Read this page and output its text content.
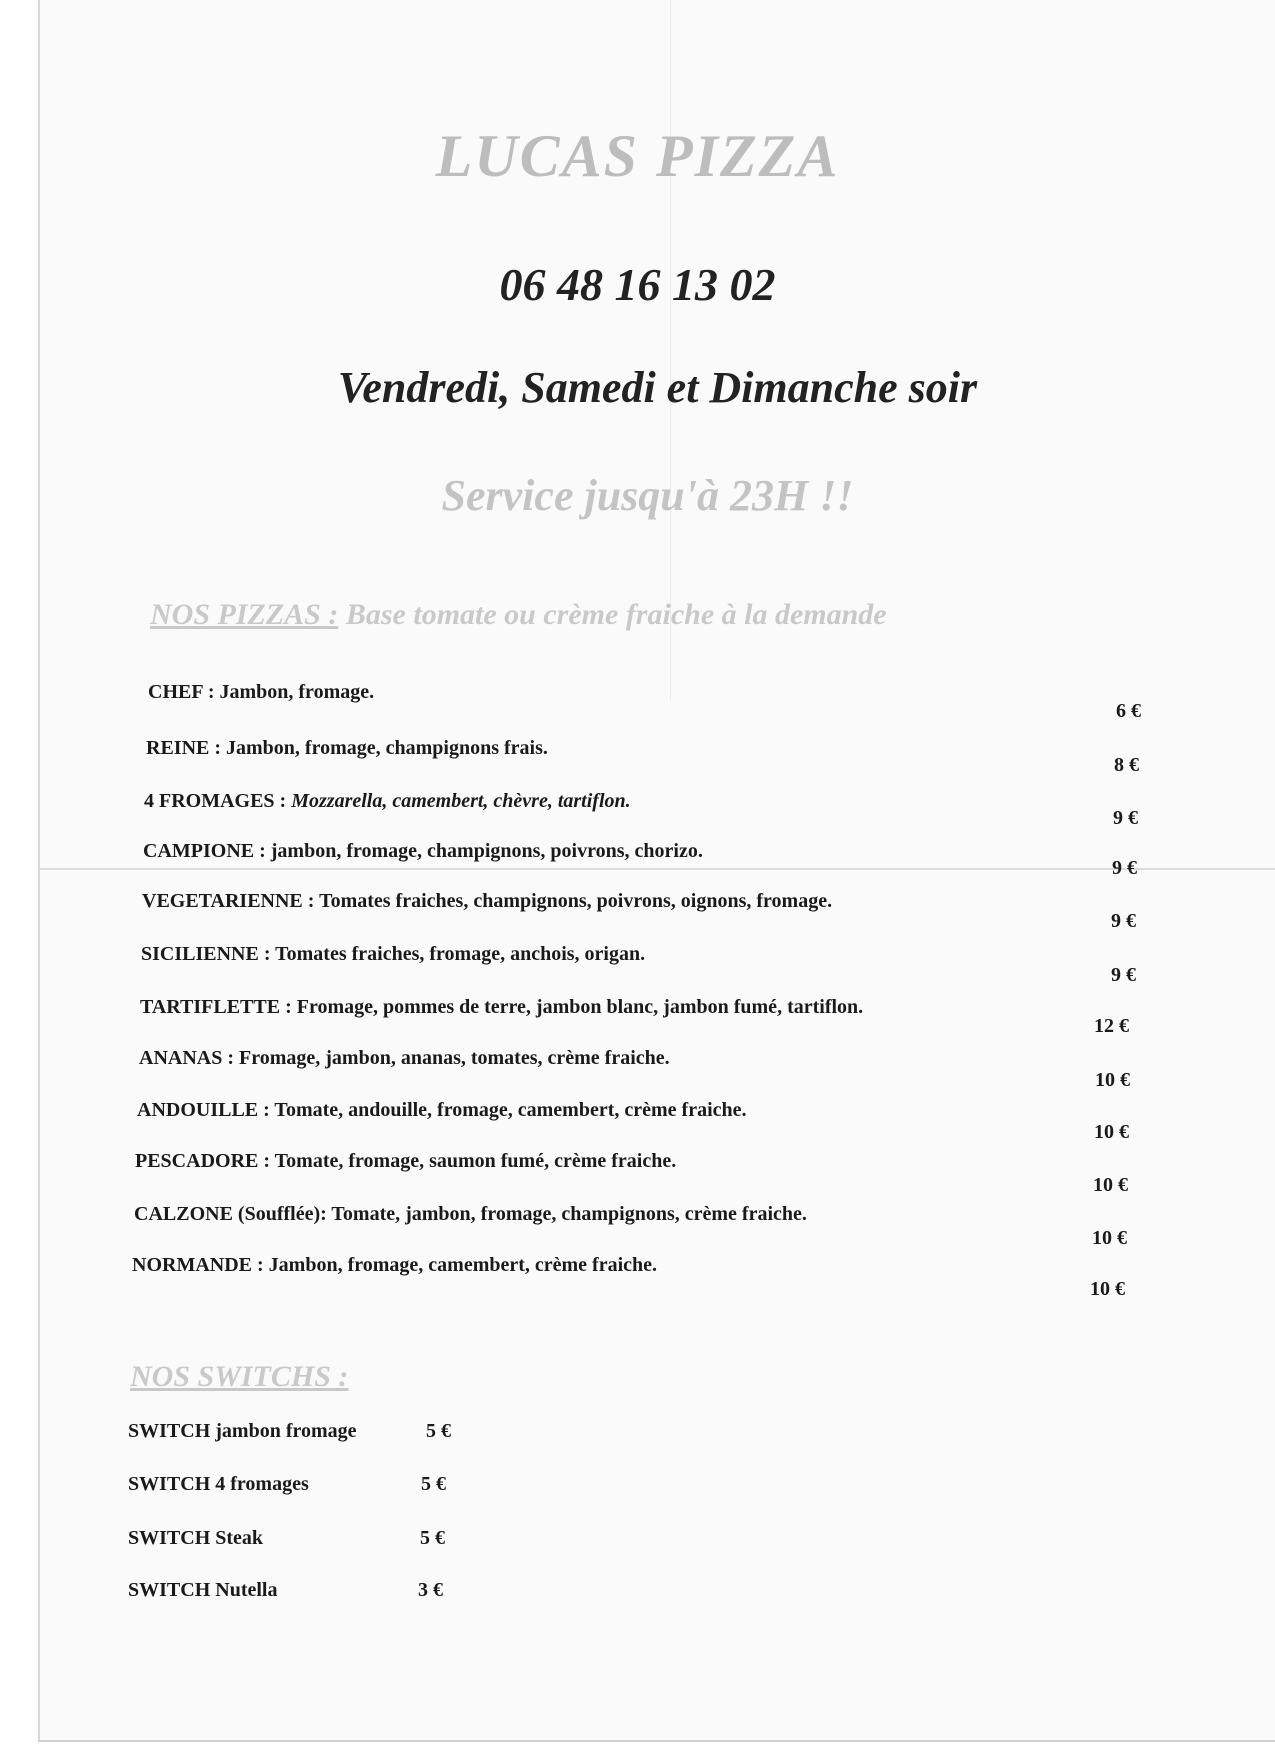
LUCAS PIZZA
06 48 16 13 02
Vendredi, Samedi et Dimanche soir
Service jusqu'à 23H !!
NOS PIZZAS : Base tomate ou crème fraiche à la demande
CHEF : Jambon, fromage.
6 €
REINE : Jambon, fromage, champignons frais.
8 €
4 FROMAGES : Mozzarella, camembert, chèvre, tartiflon.
9 €
CAMPIONE : jambon, fromage, champignons, poivrons, chorizo.
9 €
VEGETARIENNE : Tomates fraiches, champignons, poivrons, oignons, fromage.
9 €
SICILIENNE : Tomates fraiches, fromage, anchois, origan.
9 €
TARTIFLETTE : Fromage, pommes de terre, jambon blanc, jambon fumé, tartiflon.
12 €
ANANAS : Fromage, jambon, ananas, tomates, crème fraiche.
10 €
ANDOUILLE : Tomate, andouille, fromage, camembert, crème fraiche.
10 €
PESCADORE : Tomate, fromage, saumon fumé, crème fraiche.
10 €
CALZONE (Soufflée): Tomate, jambon, fromage, champignons, crème fraiche.
10 €
NORMANDE : Jambon, fromage, camembert, crème fraiche.
10 €
NOS SWITCHS :
SWITCH jambon fromage	5 €
SWITCH 4 fromages	5 €
SWITCH Steak	5 €
SWITCH Nutella	3 €
